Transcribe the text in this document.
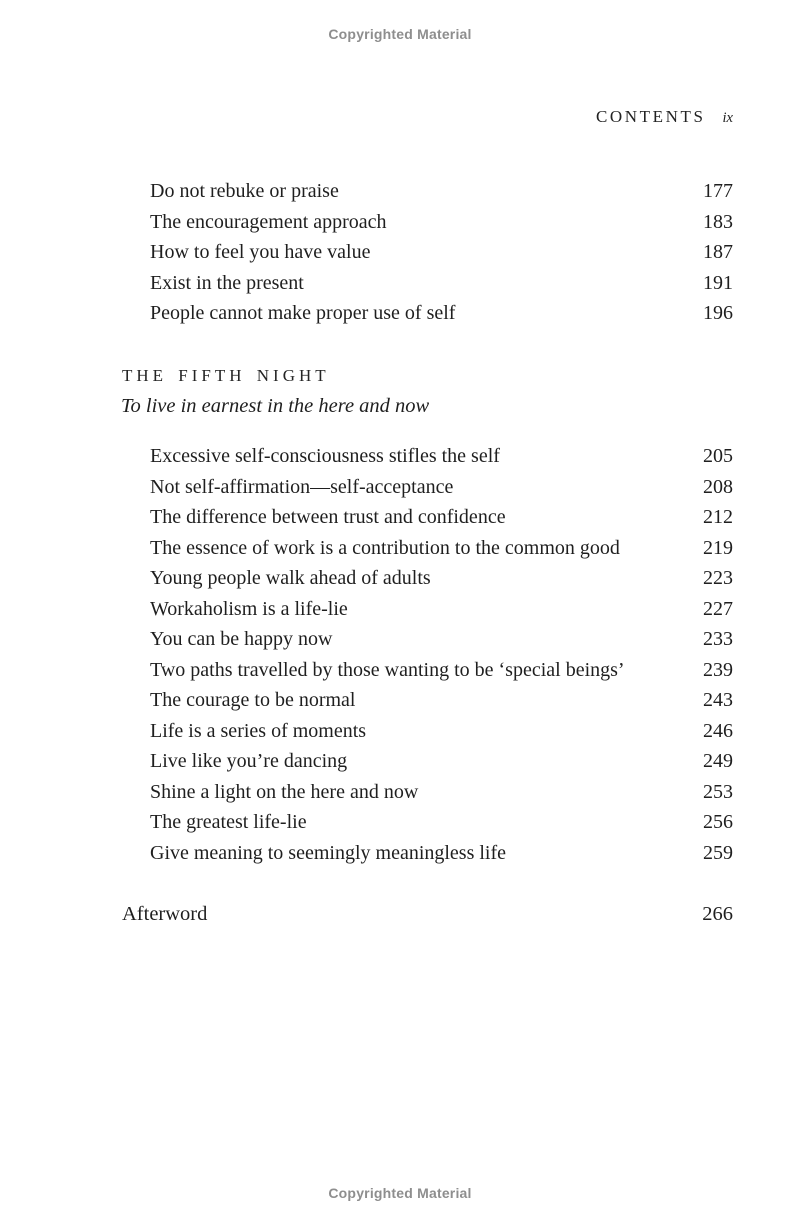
Copyrighted Material
CONTENTS ix
Do not rebuke or praise	177
The encouragement approach	183
How to feel you have value	187
Exist in the present	191
People cannot make proper use of self	196
THE FIFTH NIGHT
To live in earnest in the here and now
Excessive self-consciousness stifles the self	205
Not self-affirmation—self-acceptance	208
The difference between trust and confidence	212
The essence of work is a contribution to the common good	219
Young people walk ahead of adults	223
Workaholism is a life-lie	227
You can be happy now	233
Two paths travelled by those wanting to be ‘special beings’	239
The courage to be normal	243
Life is a series of moments	246
Live like you’re dancing	249
Shine a light on the here and now	253
The greatest life-lie	256
Give meaning to seemingly meaningless life	259
Afterword	266
Copyrighted Material
